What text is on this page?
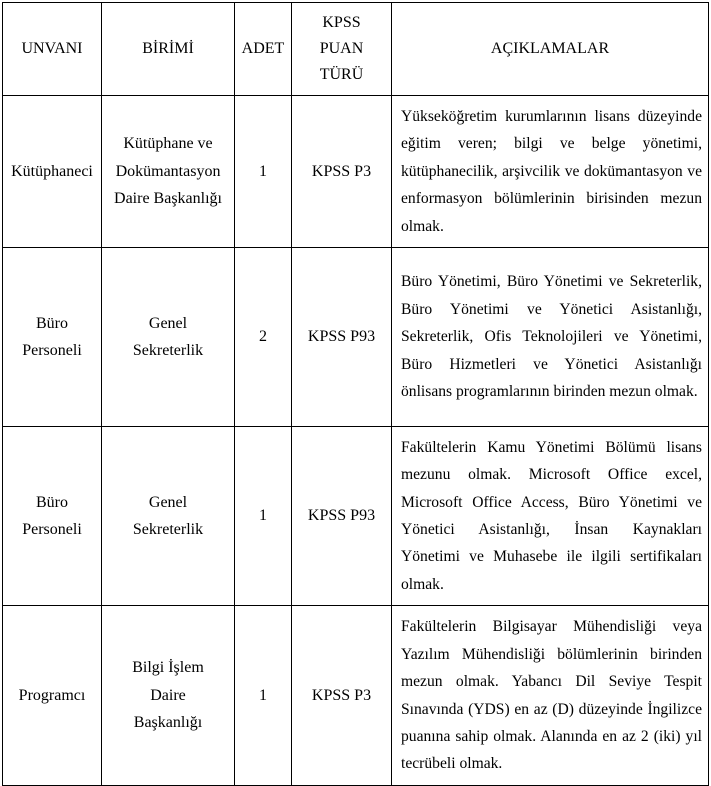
UNVANI	BİRİMİ	ADET	KPSS PUAN TÜRÜ	AÇIKLAMALAR
Kütüphaneci	Kütüphane ve Dokümantasyon Daire Başkanlığı	1	KPSS P3	Yükseköğretim kurumlarının lisans düzeyinde eğitim veren; bilgi ve belge yönetimi, kütüphanecilik, arşivcilik ve dokümantasyon ve enformasyon bölümlerinin birisinden mezun olmak.

Büro Personeli	Genel Sekreterlik	2	KPSS P93	Büro Yönetimi, Büro Yönetimi ve Sekreterlik, Büro Yönetimi ve Yönetici Asistanlığı, Sekreterlik, Ofis Teknolojileri ve Yönetimi, Büro Hizmetleri ve Yönetici Asistanlığı önlisans programlarının birinden mezun olmak.

Büro Personeli	Genel Sekreterlik	1	KPSS P93	Fakültelerin Kamu Yönetimi Bölümü lisans mezunu olmak. Microsoft Office excel, Microsoft Office Access, Büro Yönetimi ve Yönetici Asistanlığı, İnsan Kaynakları Yönetimi ve Muhasebe ile ilgili sertifikaları olmak.
Programcı	Bilgi İşlem Daire Başkanlığı	1	KPSS P3	Fakültelerin Bilgisayar Mühendisliği veya Yazılım Mühendisliği bölümlerinin birinden mezun olmak. Yabancı Dil Seviye Tespit Sınavında (YDS) en az (D) düzeyinde İngilizce puanına sahip olmak. Alanında en az 2 (iki) yıl tecrübeli olmak.
